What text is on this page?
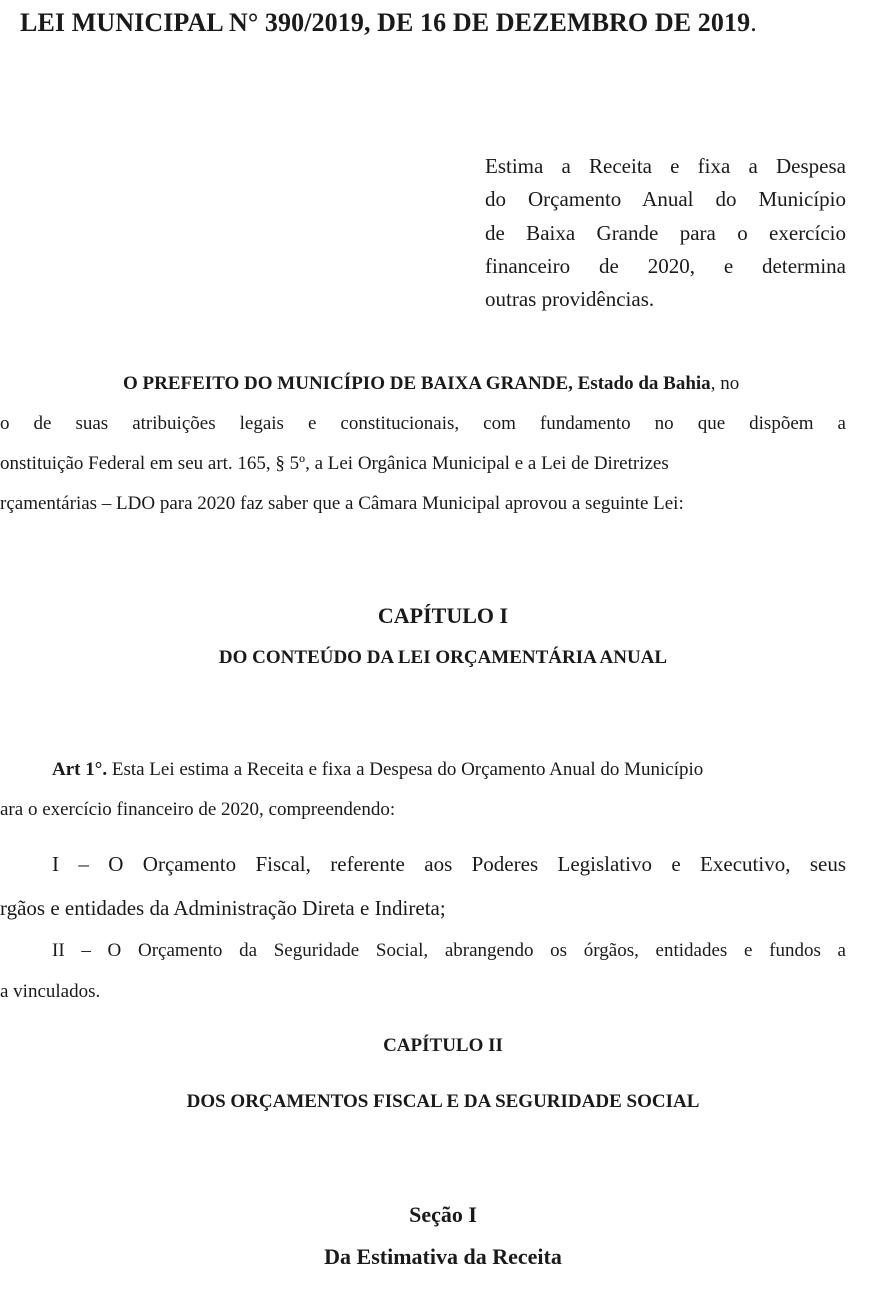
LEI MUNICIPAL N° 390/2019, DE 16 DE DEZEMBRO DE 2019.
Estima a Receita e fixa a Despesa
do Orçamento Anual do Município
de Baixa Grande para o exercício
financeiro de 2020, e determina
outras providências.

O PREFEITO DO MUNICÍPIO DE BAIXA GRANDE, Estado da Bahia, no

o de suas atribuições legais e constitucionais, com fundamento no que dispõem a

onstituição Federal em seu art. 165, § 5º, a Lei Orgânica Municipal e a Lei de Diretrizes

rçamentárias – LDO para 2020 faz saber que a Câmara Municipal aprovou a seguinte Lei:

CAPÍTULO I
DO CONTEÚDO DA LEI ORÇAMENTÁRIA ANUAL

Art 1°. Esta Lei estima a Receita e fixa a Despesa do Orçamento Anual do Município

ara o exercício financeiro de 2020, compreendendo:

I – O Orçamento Fiscal, referente aos Poderes Legislativo e Executivo, seus

rgãos e entidades da Administração Direta e Indireta;

II – O Orçamento da Seguridade Social, abrangendo os órgãos, entidades e fundos a

a vinculados.

CAPÍTULO II
DOS ORÇAMENTOS FISCAL E DA SEGURIDADE SOCIAL
Seção I
Da Estimativa da Receita
